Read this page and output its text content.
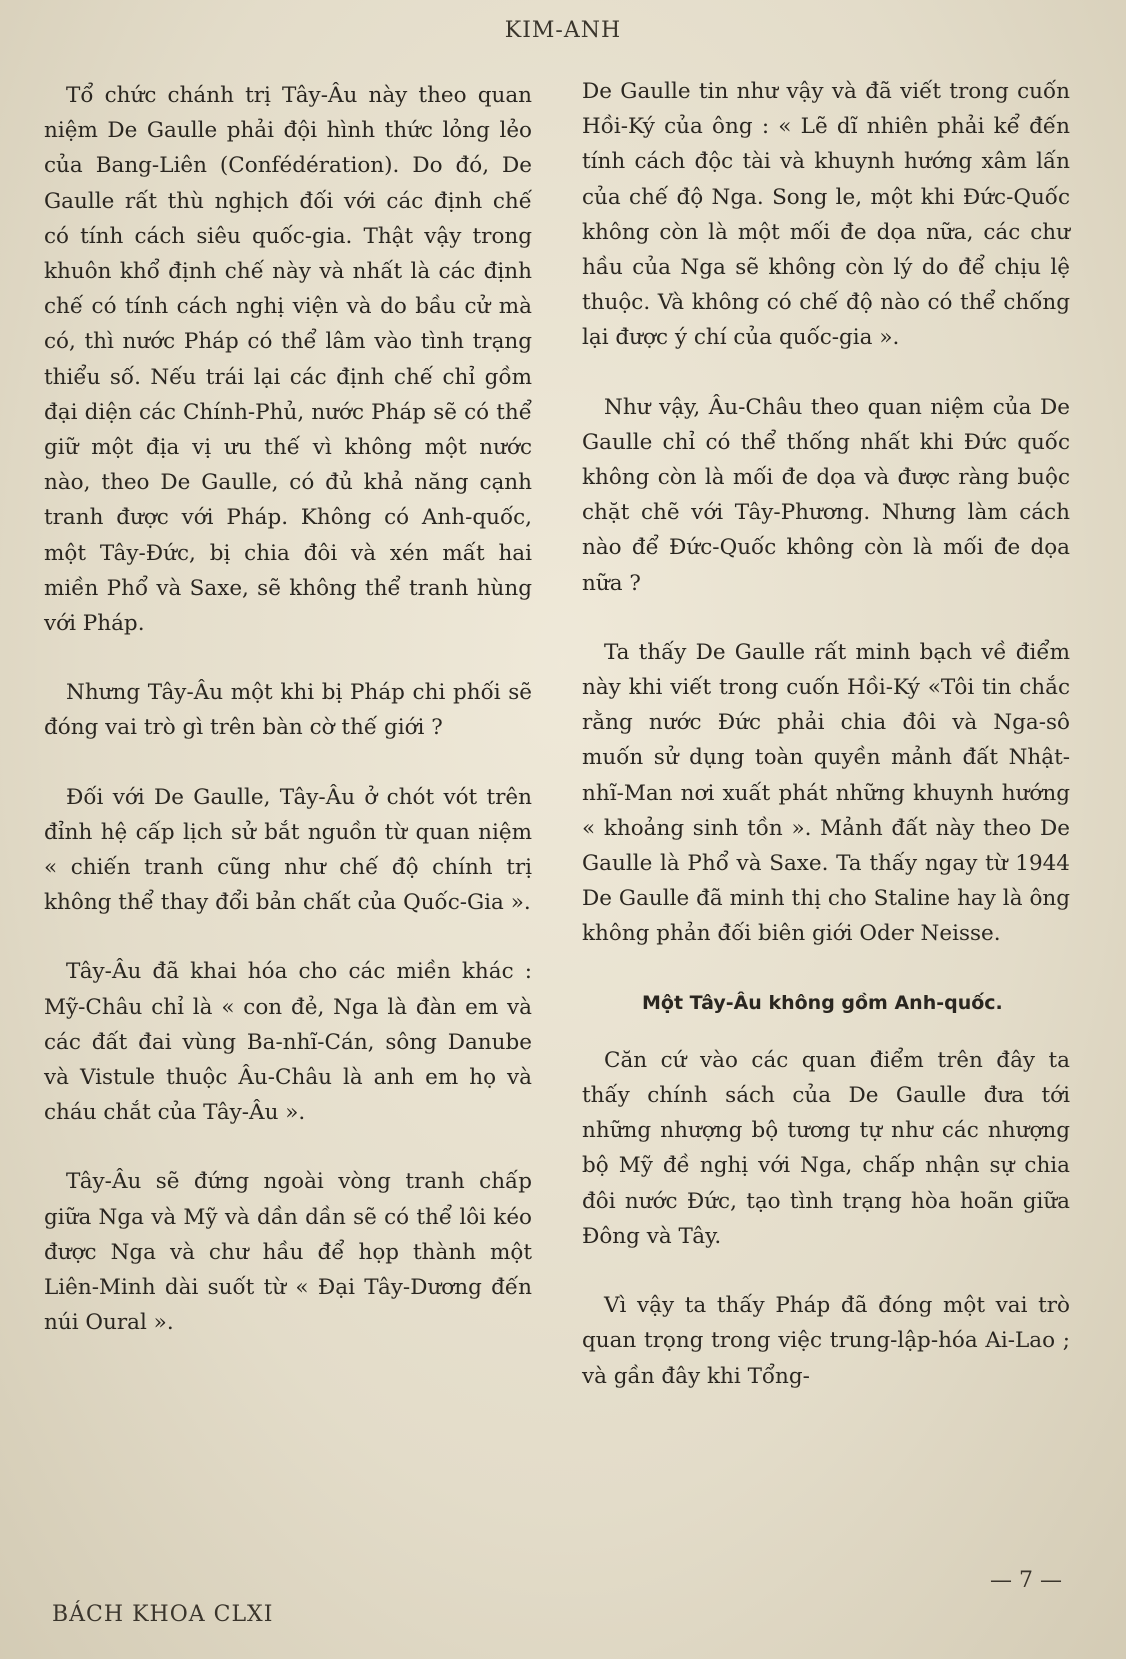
KIM-ANH

Tổ chức chánh trị Tây-Âu này theo quan niệm De Gaulle phải đội hình thức lỏng lẻo của Bang-Liên (Confédération). Do đó, De Gaulle rất thù nghịch đối với các định chế có tính cách siêu quốc-gia. Thật vậy trong khuôn khổ định chế này và nhất là các định chế có tính cách nghị viện và do bầu cử mà có, thì nước Pháp có thể lâm vào tình trạng thiểu số. Nếu trái lại các định chế chỉ gồm đại diện các Chính-Phủ, nước Pháp sẽ có thể giữ một địa vị ưu thế vì không một nước nào, theo De Gaulle, có đủ khả năng cạnh tranh được với Pháp. Không có Anh-quốc, một Tây-Đức, bị chia đôi và xén mất hai miền Phổ và Saxe, sẽ không thể tranh hùng với Pháp.

Nhưng Tây-Âu một khi bị Pháp chi phối sẽ đóng vai trò gì trên bàn cờ thế giới ?

Đối với De Gaulle, Tây-Âu ở chót vót trên đỉnh hệ cấp lịch sử bắt nguồn từ quan niệm « chiến tranh cũng như chế độ chính trị không thể thay đổi bản chất của Quốc-Gia ».

Tây-Âu đã khai hóa cho các miền khác : Mỹ-Châu chỉ là « con đẻ, Nga là đàn em và các đất đai vùng Ba-nhĩ-Cán, sông Danube và Vistule thuộc Âu-Châu là anh em họ và cháu chắt của Tây-Âu ».

Tây-Âu sẽ đứng ngoài vòng tranh chấp giữa Nga và Mỹ và dần dần sẽ có thể lôi kéo được Nga và chư hầu để họp thành một Liên-Minh dài suốt từ « Đại Tây-Dương đến núi Oural ».

De Gaulle tin như vậy và đã viết trong cuốn Hồi-Ký của ông : « Lẽ dĩ nhiên phải kể đến tính cách độc tài và khuynh hướng xâm lấn của chế độ Nga. Song le, một khi Đức-Quốc không còn là một mối đe dọa nữa, các chư hầu của Nga sẽ không còn lý do để chịu lệ thuộc. Và không có chế độ nào có thể chống lại được ý chí của quốc-gia ».

Như vậy, Âu-Châu theo quan niệm của De Gaulle chỉ có thể thống nhất khi Đức quốc không còn là mối đe dọa và được ràng buộc chặt chẽ với Tây-Phương. Nhưng làm cách nào để Đức-Quốc không còn là mối đe dọa nữa ?

Ta thấy De Gaulle rất minh bạch về điểm này khi viết trong cuốn Hồi-Ký «Tôi tin chắc rằng nước Đức phải chia đôi và Nga-sô muốn sử dụng toàn quyền mảnh đất Nhật-nhĩ-Man nơi xuất phát những khuynh hướng « khoảng sinh tồn ». Mảnh đất này theo De Gaulle là Phổ và Saxe. Ta thấy ngay từ 1944 De Gaulle đã minh thị cho Staline hay là ông không phản đối biên giới Oder Neisse.

Một Tây-Âu không gồm Anh-quốc.

Căn cứ vào các quan điểm trên đây ta thấy chính sách của De Gaulle đưa tới những nhượng bộ tương tự như các nhượng bộ Mỹ đề nghị với Nga, chấp nhận sự chia đôi nước Đức, tạo tình trạng hòa hoãn giữa Đông và Tây.

Vì vậy ta thấy Pháp đã đóng một vai trò quan trọng trong việc trung-lập-hóa Ai-Lao ; và gần đây khi Tổng-

BÁCH KHOA CLXI
— 7 —
